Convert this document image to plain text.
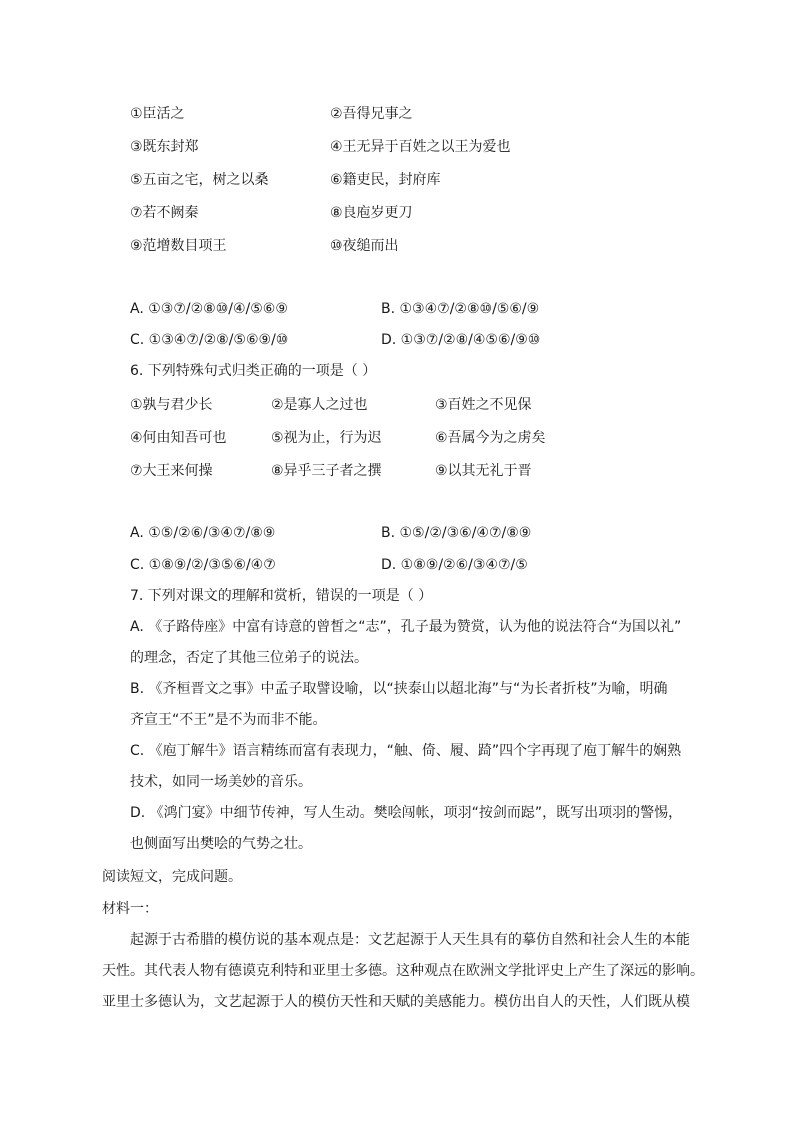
①臣活之	②吾得兄事之
③既东封郑	④王无异于百姓之以王为爱也
⑤五亩之宅，树之以桑	⑥籍吏民，封府库
⑦若不阙秦	⑧良庖岁更刀
⑨范增数目项王	⑩夜缒而出
A. ①③⑦/②⑧⑩/④/⑤⑥⑨	B. ①③④⑦/②⑧⑩/⑤⑥/⑨
C. ①③④⑦/②⑧/⑤⑥⑨/⑩	D. ①③⑦/②⑧/④⑤⑥/⑨⑩
6. 下列特殊句式归类正确的一项是（ ）
①孰与君少长	②是寡人之过也	③百姓之不见保
④何由知吾可也	⑤视为止，行为迟	⑥吾属今为之虏矣
⑦大王来何操	⑧异乎三子者之撰	⑨以其无礼于晋
A. ①⑤/②⑥/③④⑦/⑧⑨	B. ①⑤/②/③⑥/④⑦/⑧⑨
C. ①⑧⑨/②/③⑤⑥/④⑦	D. ①⑧⑨/②⑥/③④⑦/⑤
7. 下列对课文的理解和赏析，错误的一项是（ ）
A. 《子路侍座》中富有诗意的曾皙之“志”，孔子最为赞赏，认为他的说法符合“为国以礼”
的理念，否定了其他三位弟子的说法。
B. 《齐桓晋文之事》中孟子取譬设喻，以“挟泰山以超北海”与“为长者折枝”为喻，明确
齐宣王“不王”是不为而非不能。
C. 《庖丁解牛》语言精练而富有表现力，“触、倚、履、踦”四个字再现了庖丁解牛的娴熟
技术，如同一场美妙的音乐。
D. 《鸿门宴》中细节传神，写人生动。樊哙闯帐，项羽“按剑而跽”，既写出项羽的警惕，
也侧面写出樊哙的气势之壮。
阅读短文，完成问题。
材料一：
起源于古希腊的模仿说的基本观点是：文艺起源于人天生具有的摹仿自然和社会人生的本能
天性。其代表人物有德谟克利特和亚里士多德。这种观点在欧洲文学批评史上产生了深远的影响。
亚里士多德认为，文艺起源于人的模仿天性和天赋的美感能力。模仿出自人的天性，人们既从模
